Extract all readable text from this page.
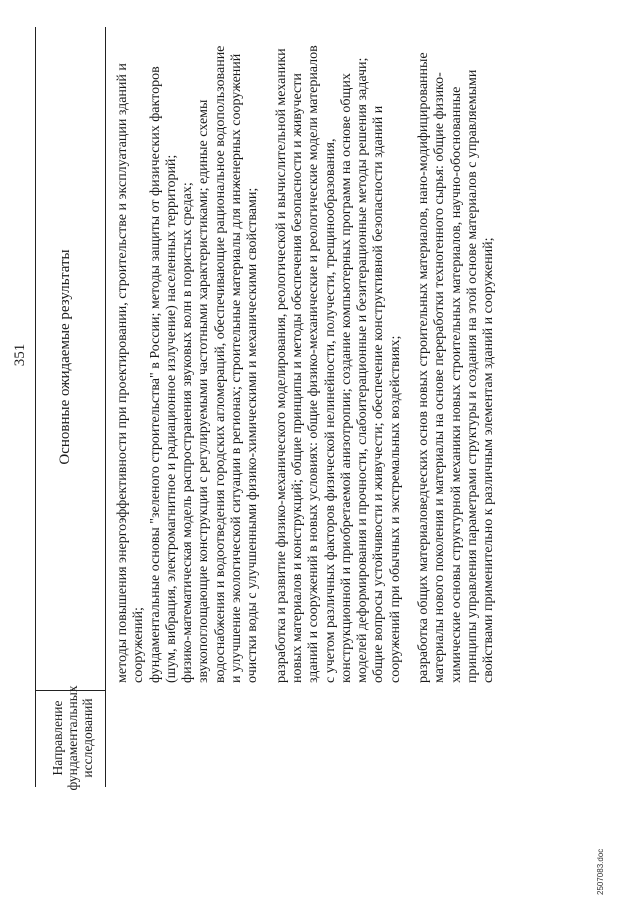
351
Направление фундаментальных исследований
Основные ожидаемые результаты	методы повышения энергоэффективности при проектировании, строительстве и эксплуатации зданий и сооружений; фундаментальные основы "зеленого строительства" в России; методы защиты от физических факторов (шум, вибрация, электромагнитное и радиационное излучение) населенных территорий; физико-математическая модель распространения звуковых волн в пористых средах; звукопоглощающие конструкции с регулируемыми частотными характеристиками; единые схемы водоснабжения и водоотведения городских агломераций, обеспечивающие рациональное водопользование и улучшение экологической ситуации в регионах; строительные материалы для инженерных сооружений очистки воды с улучшенными физико-химическими и механическими свойствами; разработка и развитие физико-механического моделирования, реологической и вычислительной механики новых материалов и конструкций; общие принципы и методы обеспечения безопасности и живучести зданий и сооружений в новых условиях: общие физико-механические и реологические модели материалов с учетом различных факторов физической нелинейности, получести, трещинообразования, конструкционной и приобретаемой анизотропии; создание компьютерных программ на основе общих моделей деформирования и прочности, слабоитерационные и безитерационные методы решения задачи; общие вопросы устойчивости и живучести; обеспечение конструктивной безопасности зданий и сооружений при обычных и экстремальных воздействиях; разработка общих материаловедческих основ новых строительных материалов, нано-модифицированные материалы нового поколения и материалы на основе переработки техногенного сырья: общие физико-химические основы структурной механики новых строительных материалов, научно-обоснованные принципы управления параметрами структуры и создания на этой основе материалов с управляемыми свойствами применительно к различным элементам зданий и сооружений;

2507083.doc
